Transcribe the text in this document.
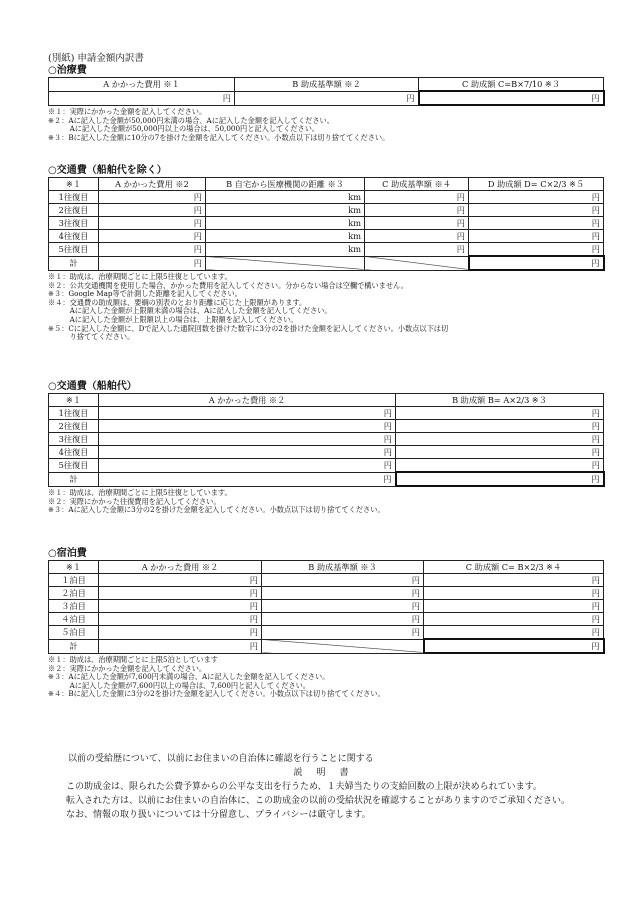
(別紙) 申請金額内訳書
○治療費
A かかった費用 ※１	B 助成基準額 ※２	C 助成額 C=B×7/10 ※３
円	円	円
※１：実際にかかった金額を記入してください。
※２：Aに記入した金額が50,000円未満の場合、Aに記入した金額を記入してください。
　　　Aに記入した金額が50,000円以上の場合は、50,000円と記入してください。
※３：Bに記入した金額に10分の7を掛けた金額を記入してください。小数点以下は切り捨ててください。
○交通費（船舶代を除く）
※１	A かかった費用 ※2	B 自宅から医療機関の距離 ※３	C 助成基準額 ※４	D 助成額 D= C×2/3 ※５
1往復目	円	km	円	円
2往復目	円	km	円	円
3往復目	円	km	円	円
4往復目	円	km	円	円
5往復目	円	km	円	円
計	円			円
※１：助成は、治療期間ごとに上限5往復としています。
※２：公共交通機関を使用した場合、かかった費用を記入してください。分からない場合は空欄で構いません。
※３：Google Map等で計測した距離を記入してください。
※４：交通費の助成額は、要綱の別表のとおり距離に応じた上限額があります。
　　　Aに記入した金額が上限額未満の場合は、Aに記入した金額を記入してください。
　　　Aに記入した金額が上限額以上の場合は、上限額を記入してください。
※５：Cに記入した金額に、Dで記入した通院回数を掛けた数字に3分の2を掛けた金額を記入してください。小数点以下は切
　　　り捨ててください。
○交通費（船舶代）
※１	A かかった費用 ※２	B 助成額 B= A×2/3 ※３
1往復目	円	円
2往復目	円	円
3往復目	円	円
4往復目	円	円
5往復目	円	円
計	円	円
※１：助成は、治療期間ごとに上限5往復としています。
※２：実際にかかった往復費用を記入してください。
※３：Aに記入した金額に3分の2を掛けた金額を記入してください。小数点以下は切り捨ててください。
○宿泊費
※１	A かかった費用 ※２	B 助成基準額 ※３	C 助成額 C= B×2/3 ※４
１泊目	円	円	円
２泊目	円	円	円
３泊目	円	円	円
４泊目	円	円	円
５泊目	円	円	円
計	円		円
※１：助成は、治療期間ごとに上限5泊としています
※２：実際にかかった金額を記入してください。
※３：Aに記入した金額が7,600円未満の場合、Aに記入した金額を記入してください。
　　　Aに記入した金額が7,600円以上の場合は、7,600円と記入してください。
※４：Bに記入した金額に3分の2を掛けた金額を記入してください。小数点以下は切り捨ててください。
以前の受給歴について、以前にお住まいの自治体に確認を行うことに関する
説明書
この助成金は、限られた公費予算からの公平な支出を行うため、１夫婦当たりの支給回数の上限が決められています。
転入された方は、以前にお住まいの自治体に、この助成金の以前の受給状況を確認することがありますのでご承知ください。
なお、情報の取り扱いについては十分留意し、プライバシーは厳守します。
